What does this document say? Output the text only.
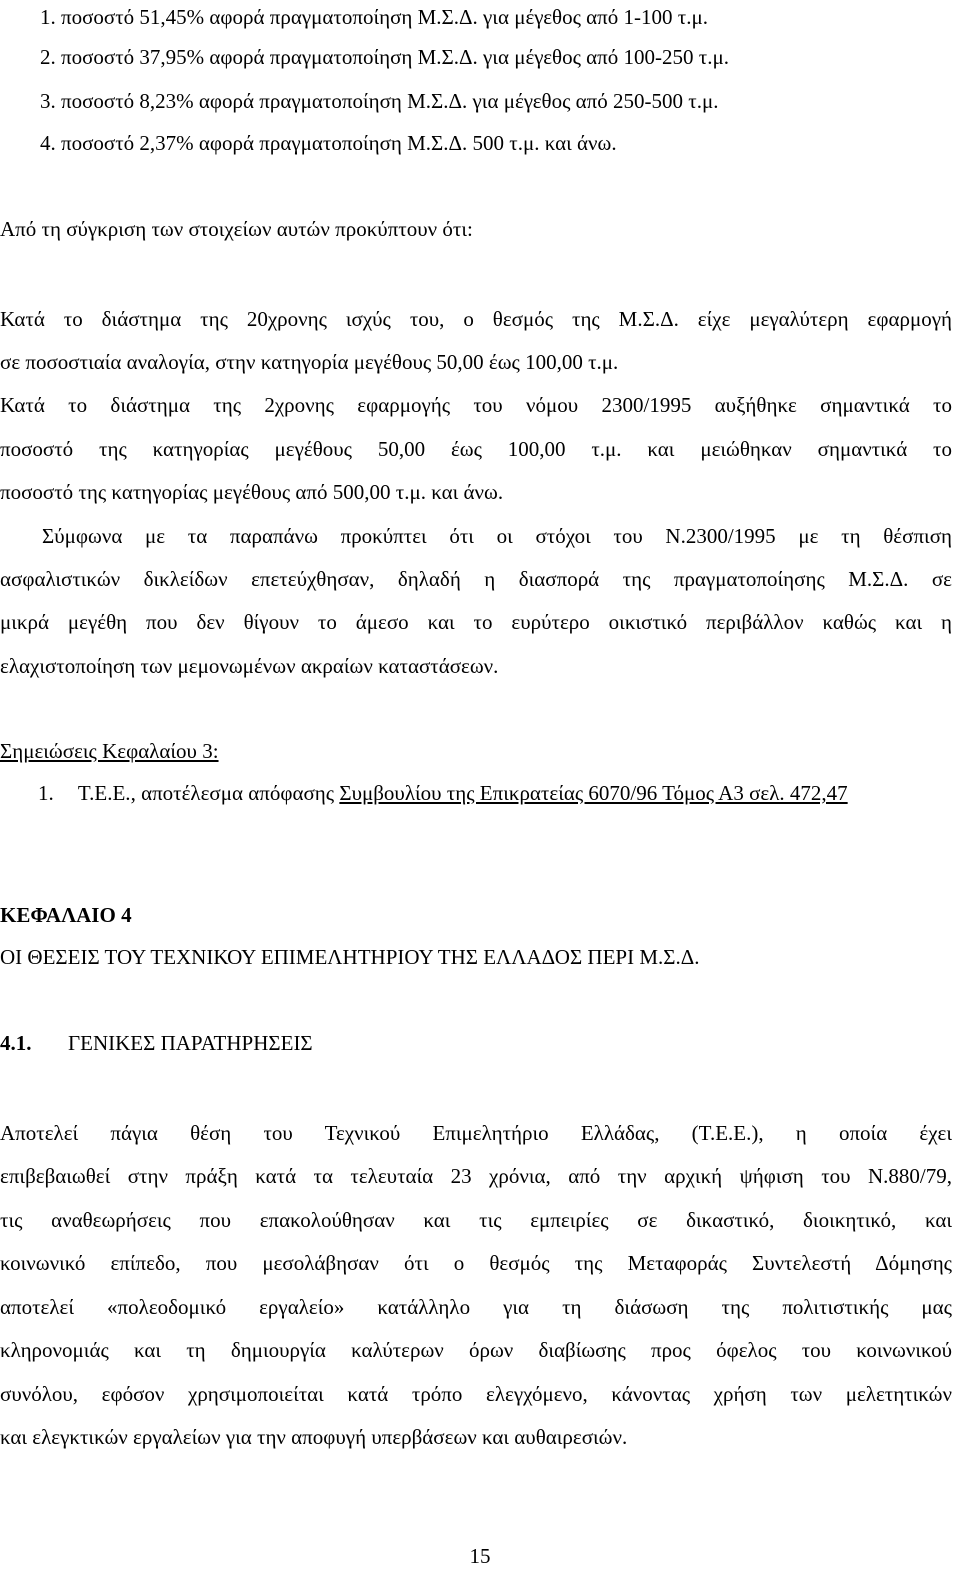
1. ποσοστό 51,45% αφορά πραγματοποίηση Μ.Σ.Δ. για μέγεθος από 1-100 τ.μ.
2. ποσοστό 37,95% αφορά πραγματοποίηση Μ.Σ.Δ. για μέγεθος από 100-250 τ.μ.
3. ποσοστό 8,23% αφορά πραγματοποίηση Μ.Σ.Δ. για μέγεθος από 250-500 τ.μ.
4. ποσοστό 2,37% αφορά πραγματοποίηση Μ.Σ.Δ. 500 τ.μ. και άνω.
Από τη σύγκριση των στοιχείων αυτών προκύπτουν ότι:
Κατά το διάστημα της 20χρονης ισχύς του, ο θεσμός της Μ.Σ.Δ. είχε μεγαλύτερη εφαρμογή
σε ποσοστιαία αναλογία, στην κατηγορία μεγέθους 50,00 έως 100,00 τ.μ.
Κατά το διάστημα της 2χρονης εφαρμογής του νόμου 2300/1995 αυξήθηκε σημαντικά το
ποσοστό της κατηγορίας μεγέθους 50,00 έως 100,00 τ.μ. και μειώθηκαν σημαντικά το
ποσοστό της κατηγορίας μεγέθους από 500,00 τ.μ. και άνω.
Σύμφωνα με τα παραπάνω προκύπτει ότι οι στόχοι του Ν.2300/1995 με τη θέσπιση
ασφαλιστικών δικλείδων επετεύχθησαν, δηλαδή η διασπορά της πραγματοποίησης Μ.Σ.Δ. σε
μικρά μεγέθη που δεν θίγουν το άμεσο και το ευρύτερο οικιστικό περιβάλλον καθώς και η
ελαχιστοποίηση των μεμονωμένων ακραίων καταστάσεων.
Σημειώσεις Κεφαλαίου 3:
1. Τ.Ε.Ε., αποτέλεσμα απόφασης Συμβουλίου της Επικρατείας 6070/96 Τόμος Α3 σελ. 472,47
ΚΕΦΑΛΑΙΟ 4
ΟΙ ΘΕΣΕΙΣ ΤΟΥ ΤΕΧΝΙΚΟΥ ΕΠΙΜΕΛΗΤΗΡΙΟΥ ΤΗΣ ΕΛΛΑΔΟΣ ΠΕΡΙ Μ.Σ.Δ.
4.1. ΓΕΝΙΚΕΣ ΠΑΡΑΤΗΡΗΣΕΙΣ
Αποτελεί πάγια θέση του Τεχνικού Επιμελητήριο Ελλάδας, (Τ.Ε.Ε.), η οποία έχει
επιβεβαιωθεί στην πράξη κατά τα τελευταία 23 χρόνια, από την αρχική ψήφιση του Ν.880/79,
τις αναθεωρήσεις που επακολούθησαν και τις εμπειρίες σε δικαστικό, διοικητικό, και
κοινωνικό επίπεδο, που μεσολάβησαν ότι ο θεσμός της Μεταφοράς Συντελεστή Δόμησης
αποτελεί «πολεοδομικό εργαλείο» κατάλληλο για τη διάσωση της πολιτιστικής μας
κληρονομιάς και τη δημιουργία καλύτερων όρων διαβίωσης προς όφελος του κοινωνικού
συνόλου, εφόσον χρησιμοποιείται κατά τρόπο ελεγχόμενο, κάνοντας χρήση των μελετητικών
και ελεγκτικών εργαλείων για την αποφυγή υπερβάσεων και αυθαιρεσιών.
15
